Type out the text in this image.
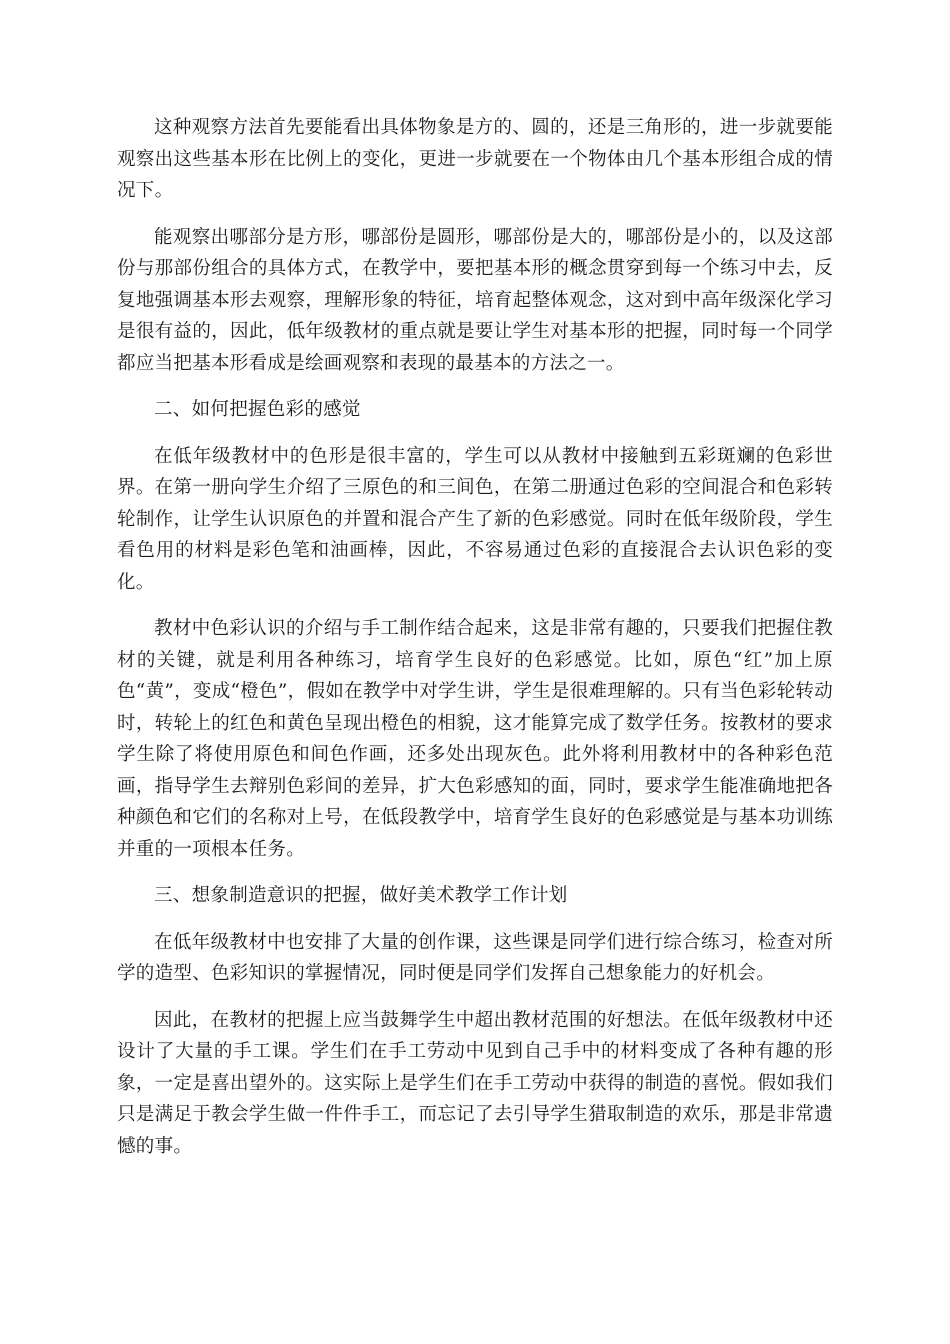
这种观察方法首先要能看出具体物象是方的、圆的，还是三角形的，进一步就要能观察出这些基本形在比例上的变化，更进一步就要在一个物体由几个基本形组合成的情况下。

能观察出哪部分是方形，哪部份是圆形，哪部份是大的，哪部份是小的，以及这部份与那部份组合的具体方式，在教学中，要把基本形的概念贯穿到每一个练习中去，反复地强调基本形去观察，理解形象的特征，培育起整体观念，这对到中高年级深化学习是很有益的，因此，低年级教材的重点就是要让学生对基本形的把握，同时每一个同学都应当把基本形看成是绘画观察和表现的最基本的方法之一。

二、如何把握色彩的感觉

在低年级教材中的色形是很丰富的，学生可以从教材中接触到五彩斑斓的色彩世界。在第一册向学生介绍了三原色的和三间色，在第二册通过色彩的空间混合和色彩转轮制作，让学生认识原色的并置和混合产生了新的色彩感觉。同时在低年级阶段，学生看色用的材料是彩色笔和油画棒，因此，不容易通过色彩的直接混合去认识色彩的变化。

教材中色彩认识的介绍与手工制作结合起来，这是非常有趣的，只要我们把握住教材的关键，就是利用各种练习，培育学生良好的色彩感觉。比如，原色“红”加上原色“黄”，变成“橙色”，假如在教学中对学生讲，学生是很难理解的。只有当色彩轮转动时，转轮上的红色和黄色呈现出橙色的相貌，这才能算完成了数学任务。按教材的要求学生除了将使用原色和间色作画，还多处出现灰色。此外将利用教材中的各种彩色范画，指导学生去辩别色彩间的差异，扩大色彩感知的面，同时，要求学生能准确地把各种颜色和它们的名称对上号，在低段教学中，培育学生良好的色彩感觉是与基本功训练并重的一项根本任务。

三、想象制造意识的把握，做好美术教学工作计划

在低年级教材中也安排了大量的创作课，这些课是同学们进行综合练习，检查对所学的造型、色彩知识的掌握情况，同时便是同学们发挥自己想象能力的好机会。

因此，在教材的把握上应当鼓舞学生中超出教材范围的好想法。在低年级教材中还设计了大量的手工课。学生们在手工劳动中见到自己手中的材料变成了各种有趣的形象，一定是喜出望外的。这实际上是学生们在手工劳动中获得的制造的喜悦。假如我们只是满足于教会学生做一件件手工，而忘记了去引导学生猎取制造的欢乐，那是非常遗憾的事。
